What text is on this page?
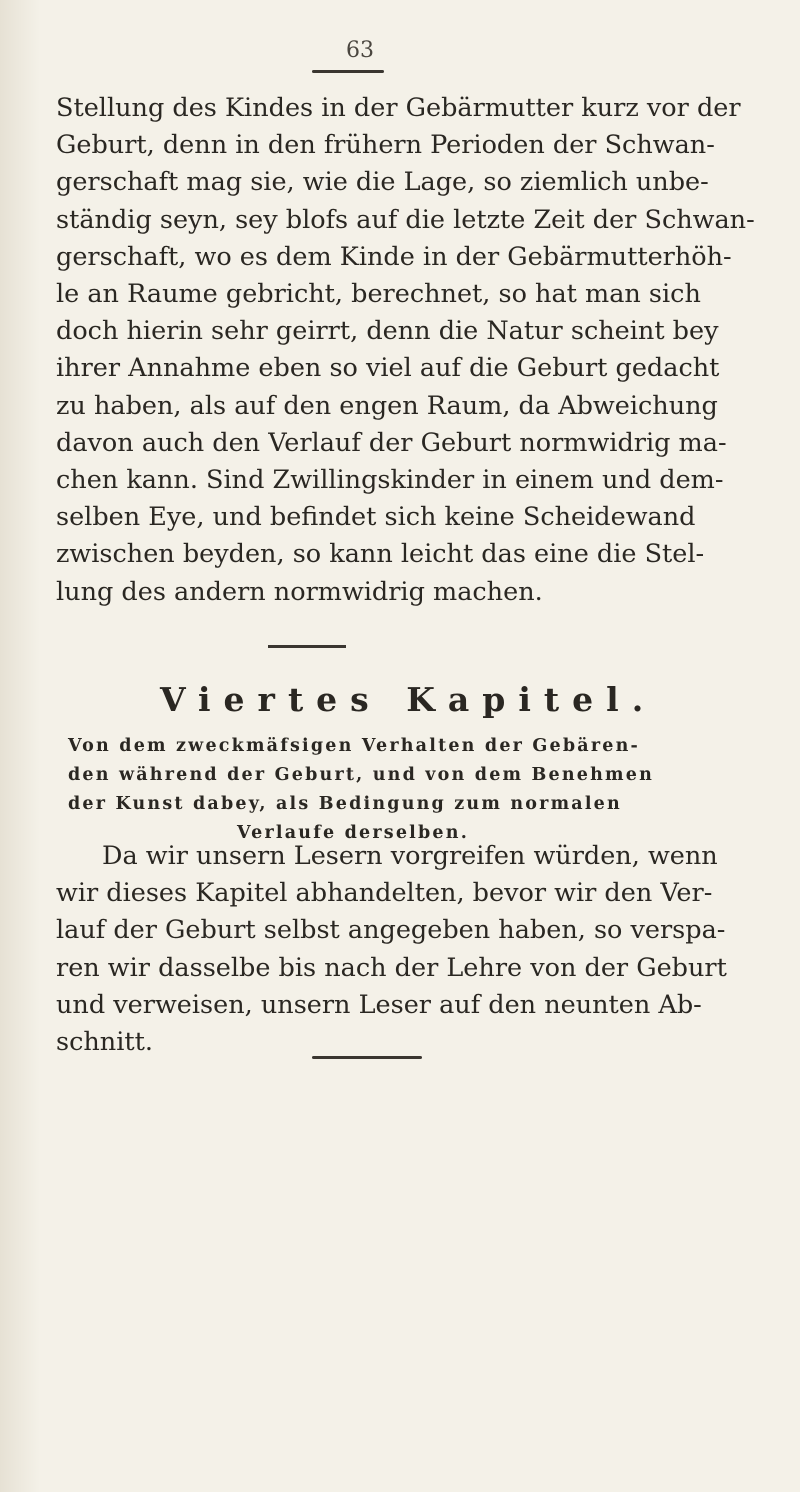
63

Stellung des Kindes in der Gebärmutter kurz vor der
Geburt, denn in den frühern Perioden der Schwan-
gerschaft mag sie, wie die Lage, so ziemlich unbe-
ständig seyn, sey blofs auf die letzte Zeit der Schwan-
gerschaft, wo es dem Kinde in der Gebärmutterhöh-
le an Raume gebricht, berechnet, so hat man sich
doch hierin sehr geirrt, denn die Natur scheint bey
ihrer Annahme eben so viel auf die Geburt gedacht
zu haben, als auf den engen Raum, da Abweichung
davon auch den Verlauf der Geburt normwidrig ma-
chen kann. Sind Zwillingskinder in einem und dem-
selben Eye, und befindet sich keine Scheidewand
zwischen beyden, so kann leicht das eine die Stel-
lung des andern normwidrig machen.

Viertes Kapitel.
Von dem zweckmäfsigen Verhalten der Gebären-
den während der Geburt, und von dem Benehmen
der Kunst dabey, als Bedingung zum normalen
Verlaufe derselben.

Da wir unsern Lesern vorgreifen würden, wenn
wir dieses Kapitel abhandelten, bevor wir den Ver-
lauf der Geburt selbst angegeben haben, so verspa-
ren wir dasselbe bis nach der Lehre von der Geburt
und verweisen, unsern Leser auf den neunten Ab-
schnitt.
